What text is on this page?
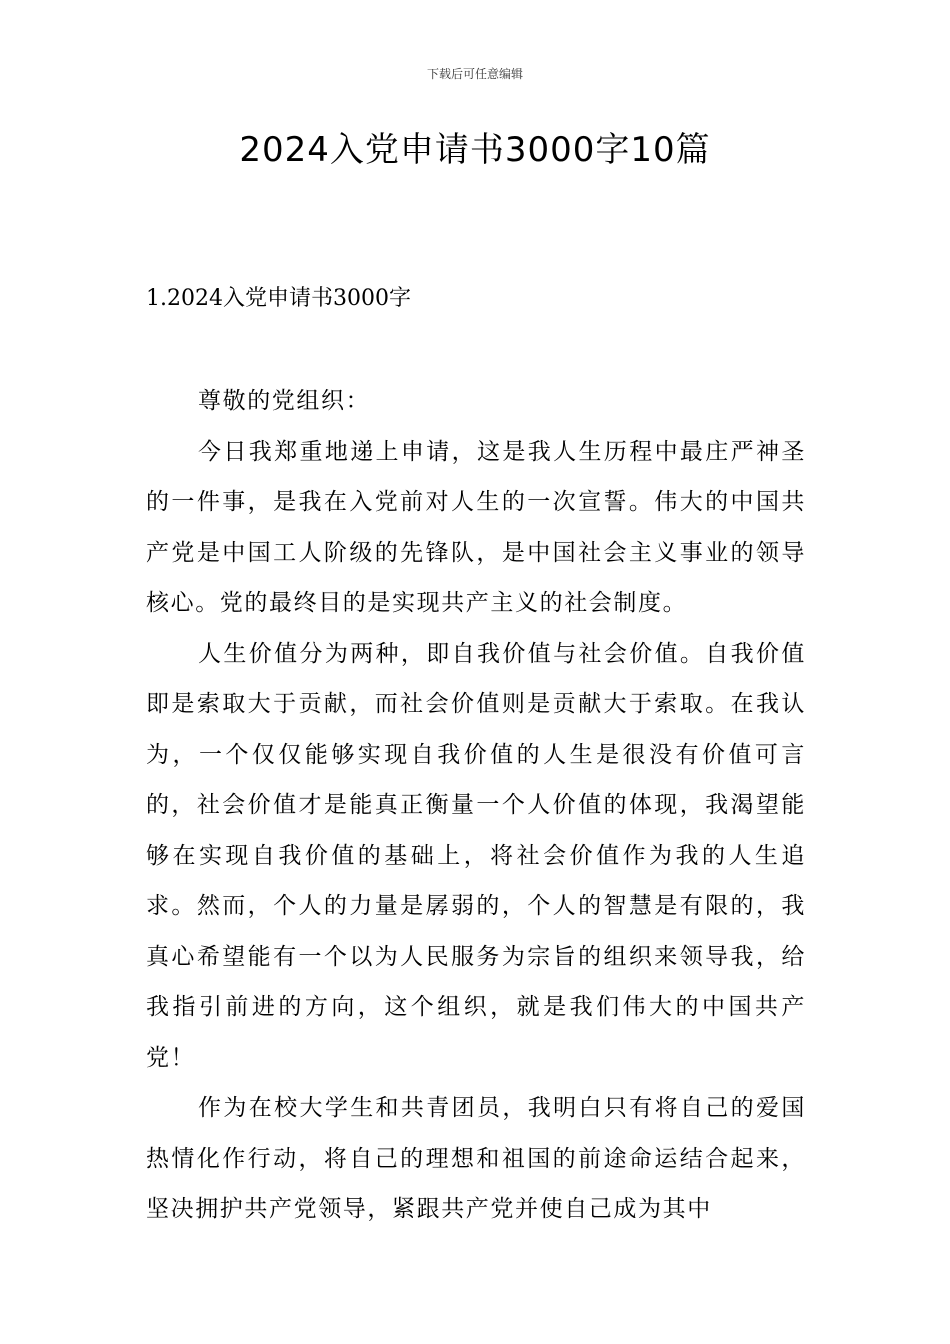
下载后可任意编辑
2024入党申请书3000字10篇
1.2024入党申请书3000字

尊敬的党组织：

今日我郑重地递上申请，这是我人生历程中最庄严神圣的一件事，是我在入党前对人生的一次宣誓。伟大的中国共产党是中国工人阶级的先锋队，是中国社会主义事业的领导核心。党的最终目的是实现共产主义的社会制度。

人生价值分为两种，即自我价值与社会价值。自我价值即是索取大于贡献，而社会价值则是贡献大于索取。在我认为，一个仅仅能够实现自我价值的人生是很没有价值可言的，社会价值才是能真正衡量一个人价值的体现，我渴望能够在实现自我价值的基础上，将社会价值作为我的人生追求。然而，个人的力量是孱弱的，个人的智慧是有限的，我真心希望能有一个以为人民服务为宗旨的组织来领导我，给我指引前进的方向，这个组织，就是我们伟大的中国共产党！

作为在校大学生和共青团员，我明白只有将自己的爱国热情化作行动，将自己的理想和祖国的前途命运结合起来，坚决拥护共产党领导，紧跟共产党并使自己成为其中
